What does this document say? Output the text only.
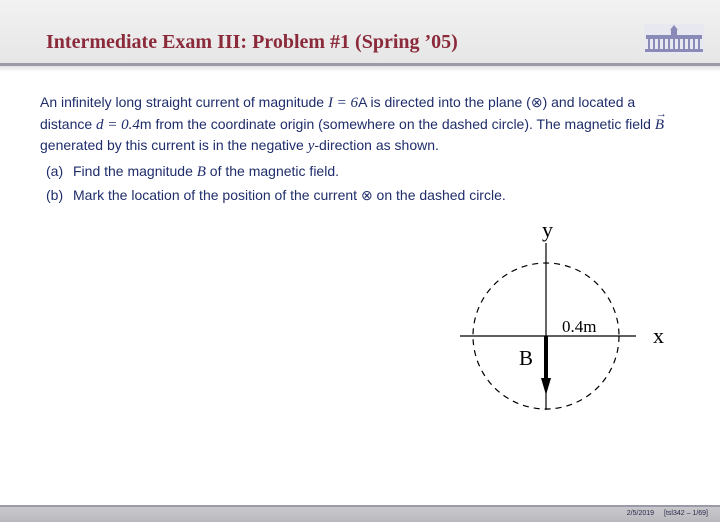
Intermediate Exam III: Problem #1 (Spring ’05)
An infinitely long straight current of magnitude I = 6A is directed into the plane (⊗) and located a distance d = 0.4m from the coordinate origin (somewhere on the dashed circle). The magnetic field
→
B generated by this current is in the negative y-direction as shown.
(a) Find the magnitude B of the magnetic field.
(b) Mark the location of the position of the current ⊗ on the dashed circle.
y
x
0.4m
B
2/5/2019 [tsl342 – 1/69]
